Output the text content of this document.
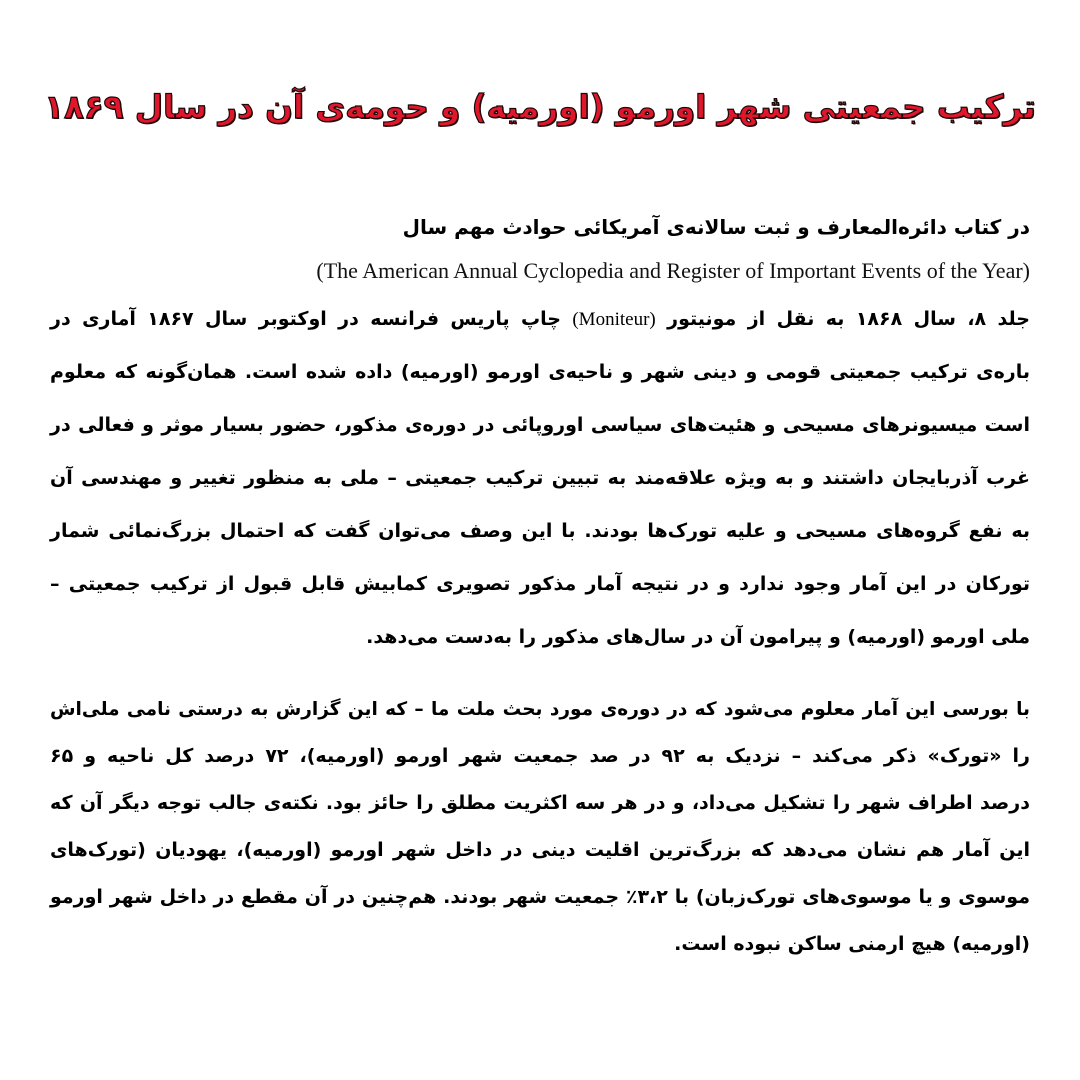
ترکیب جمعیتی شهر اورمو (اورمیه) و حومه‌ی آن در سال ۱۸۶۹
در کتاب دائره‌المعارف و ثبت سالانه‌ی آمریکائی حوادث مهم سال
(The American Annual Cyclopedia and Register of Important Events of the Year)
جلد ۸، سال ۱۸۶۸ به نقل از مونیتور (Moniteur) چاپ پاریس فرانسه در اوکتوبر سال ۱۸۶۷ آماری در
باره‌ی ترکیب جمعیتی قومی و دینی شهر و ناحیه‌ی اورمو (اورمیه) داده شده است. همان‌گونه که معلوم
است میسیونرهای مسیحی و هئیت‌های سیاسی اوروپائی در دوره‌ی مذکور، حضور بسیار موثر و فعالی در
غرب آذربایجان داشتند و به ویژه علاقه‌مند به تبیین ترکیب جمعیتی – ملی به منظور تغییر و مهندسی آن
به نفع گروه‌های مسیحی و علیه تورک‌ها بودند. با این وصف می‌توان گفت که احتمال بزرگ‌نمائی شمار
تورکان در این آمار وجود ندارد و در نتیجه آمار مذکور تصویری کمابیش قابل قبول از ترکیب جمعیتی –
ملی اورمو (اورمیه) و پیرامون آن در سال‌های مذکور را به‌دست می‌دهد.
با بورسی این آمار معلوم می‌شود که در دوره‌ی مورد بحث ملت ما – که این گزارش به درستی نامی ملی‌اش
را «تورک» ذکر می‌کند – نزدیک به ۹۲ در صد جمعیت شهر اورمو (اورمیه)، ۷۲ درصد کل ناحیه و ۶۵
درصد اطراف شهر را تشکیل می‌داد، و در هر سه اکثریت مطلق را حائز بود. نکته‌ی جالب توجه دیگر آن که
این آمار هم نشان می‌دهد که بزرگ‌ترین اقلیت دینی در داخل شهر اورمو (اورمیه)، یهودیان (تورک‌های
موسوی و یا موسوی‌های تورک‌زبان) با ۳،۲٪ جمعیت شهر بودند. هم‌چنین در آن مقطع در داخل شهر اورمو
(اورمیه) هیچ ارمنی ساکن نبوده است.
